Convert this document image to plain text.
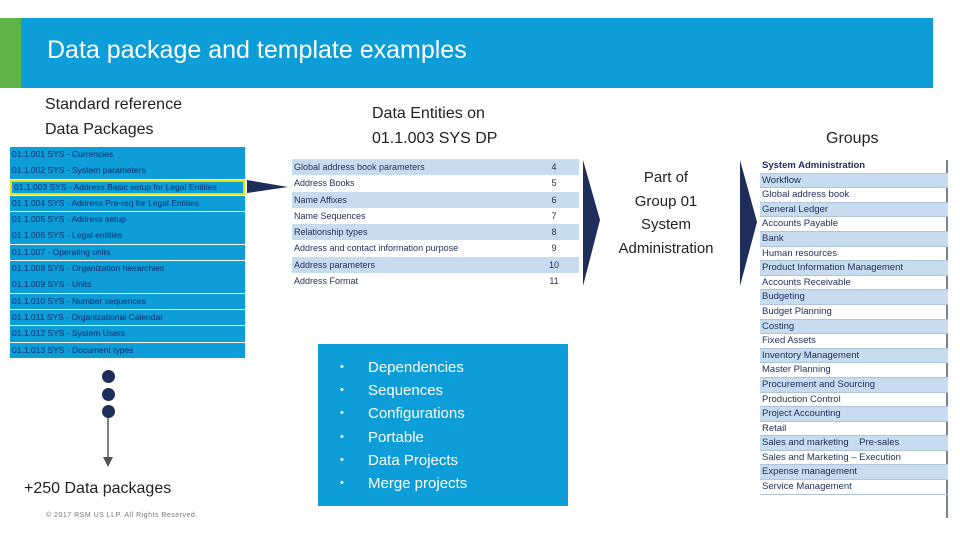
Data package and template examples
Standard reference
Data Packages
Data Entities on
01.1.003 SYS DP	Groups
Part of
Group 01
System
Administration
01.1.001 SYS - Currencies
01.1.002 SYS - System parameters
01.1.003 SYS - Address Basic setup for Legal Entities
01.1.004 SYS - Address Pre-req for Legal Entities
01.1.005 SYS - Address setup
01.1.006 SYS - Legal entities
01.1.007 - Operating units
01.1.008 SYS - Organization hierarchies
01.1.009 SYS - Units
01.1.010 SYS - Number sequences
01.1.011 SYS - Organizational Calendar
01.1.012 SYS - System Users
01.1.013 SYS - Document types
Global address book parameters	4
Address Books	5
Name Affixes	6
Name Sequences	7
Relationship types	8
Address and contact information purpose	9
Address parameters	10
Address Format	11
System Administration
Workflow
Global address book
General Ledger
Accounts Payable
Bank
Human resources
Product Information Management
Accounts Receivable
Budgeting
Budget Planning
Costing
Fixed Assets
Inventory Management
Master Planning
Procurement and Sourcing
Production Control
Project Accounting
Retail
Sales and marketing    Pre-sales
Sales and Marketing – Execution
Expense management
Service Management
• Dependencies
• Sequences
• Configurations
• Portable
• Data Projects
• Merge projects
+250 Data packages
© 2017 RSM US LLP. All Rights Reserved.
